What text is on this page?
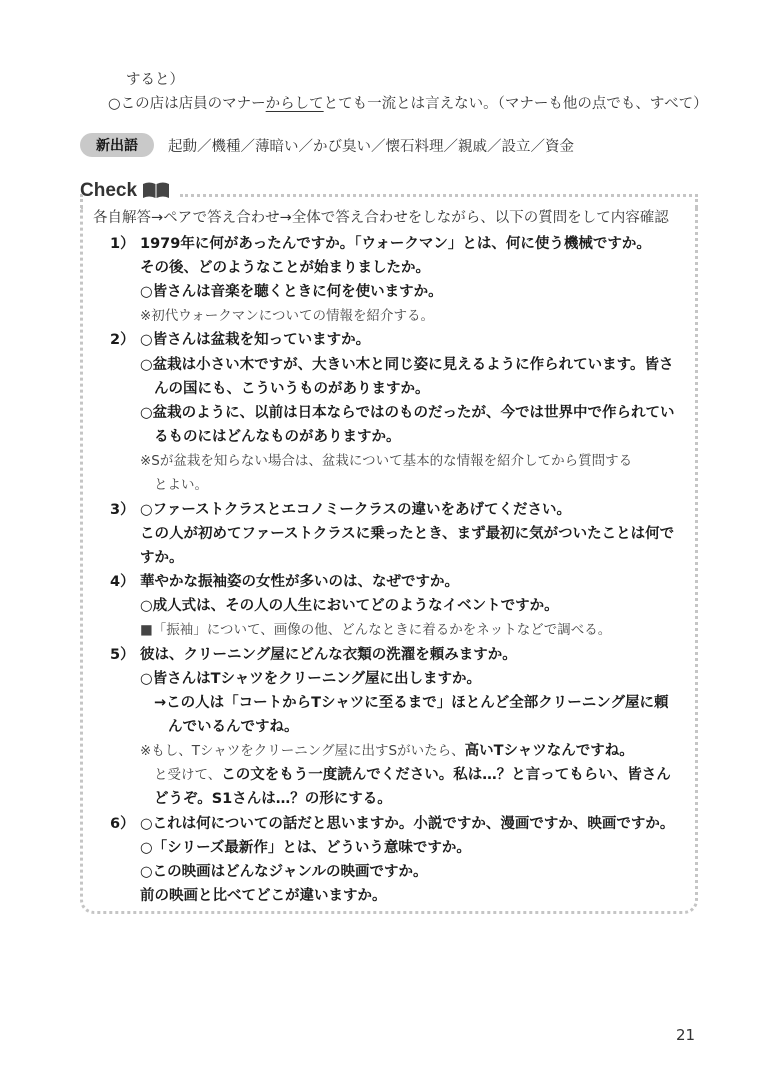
すると）
○この店は店員のマナーからしてとても一流とは言えない。（マナーも他の点でも、すべて）
新出語	起動／機種／薄暗い／かび臭い／懐石料理／親戚／設立／資金
Check
各自解答→ペアで答え合わせ→全体で答え合わせをしながら、以下の質問をして内容確認
1） 1979年に何があったんですか。「ウォークマン」とは、何に使う機械ですか。
その後、どのようなことが始まりましたか。
○皆さんは音楽を聴くときに何を使いますか。
※初代ウォークマンについての情報を紹介する。
2） ○皆さんは盆栽を知っていますか。
○盆栽は小さい木ですが、大きい木と同じ姿に見えるように作られています。皆さ
んの国にも、こういうものがありますか。
○盆栽のように、以前は日本ならではのものだったが、今では世界中で作られてい
るものにはどんなものがありますか。
※Sが盆栽を知らない場合は、盆栽について基本的な情報を紹介してから質問する
とよい。
3） ○ファーストクラスとエコノミークラスの違いをあげてください。
この人が初めてファーストクラスに乗ったとき、まず最初に気がついたことは何で
すか。
4） 華やかな振袖姿の女性が多いのは、なぜですか。
○成人式は、その人の人生においてどのようなイベントですか。
■「振袖」について、画像の他、どんなときに着るかをネットなどで調べる。
5） 彼は、クリーニング屋にどんな衣類の洗濯を頼みますか。
○皆さんはTシャツをクリーニング屋に出しますか。
→この人は「コートからTシャツに至るまで」ほとんど全部クリーニング屋に頼
んでいるんですね。
※もし、Tシャツをクリーニング屋に出すSがいたら、高いTシャツなんですね。
と受けて、この文をもう一度読んでください。私は…？と言ってもらい、皆さん
どうぞ。S1さんは…？の形にする。
6） ○これは何についての話だと思いますか。小説ですか、漫画ですか、映画ですか。
○「シリーズ最新作」とは、どういう意味ですか。
○この映画はどんなジャンルの映画ですか。
前の映画と比べてどこが違いますか。
21
